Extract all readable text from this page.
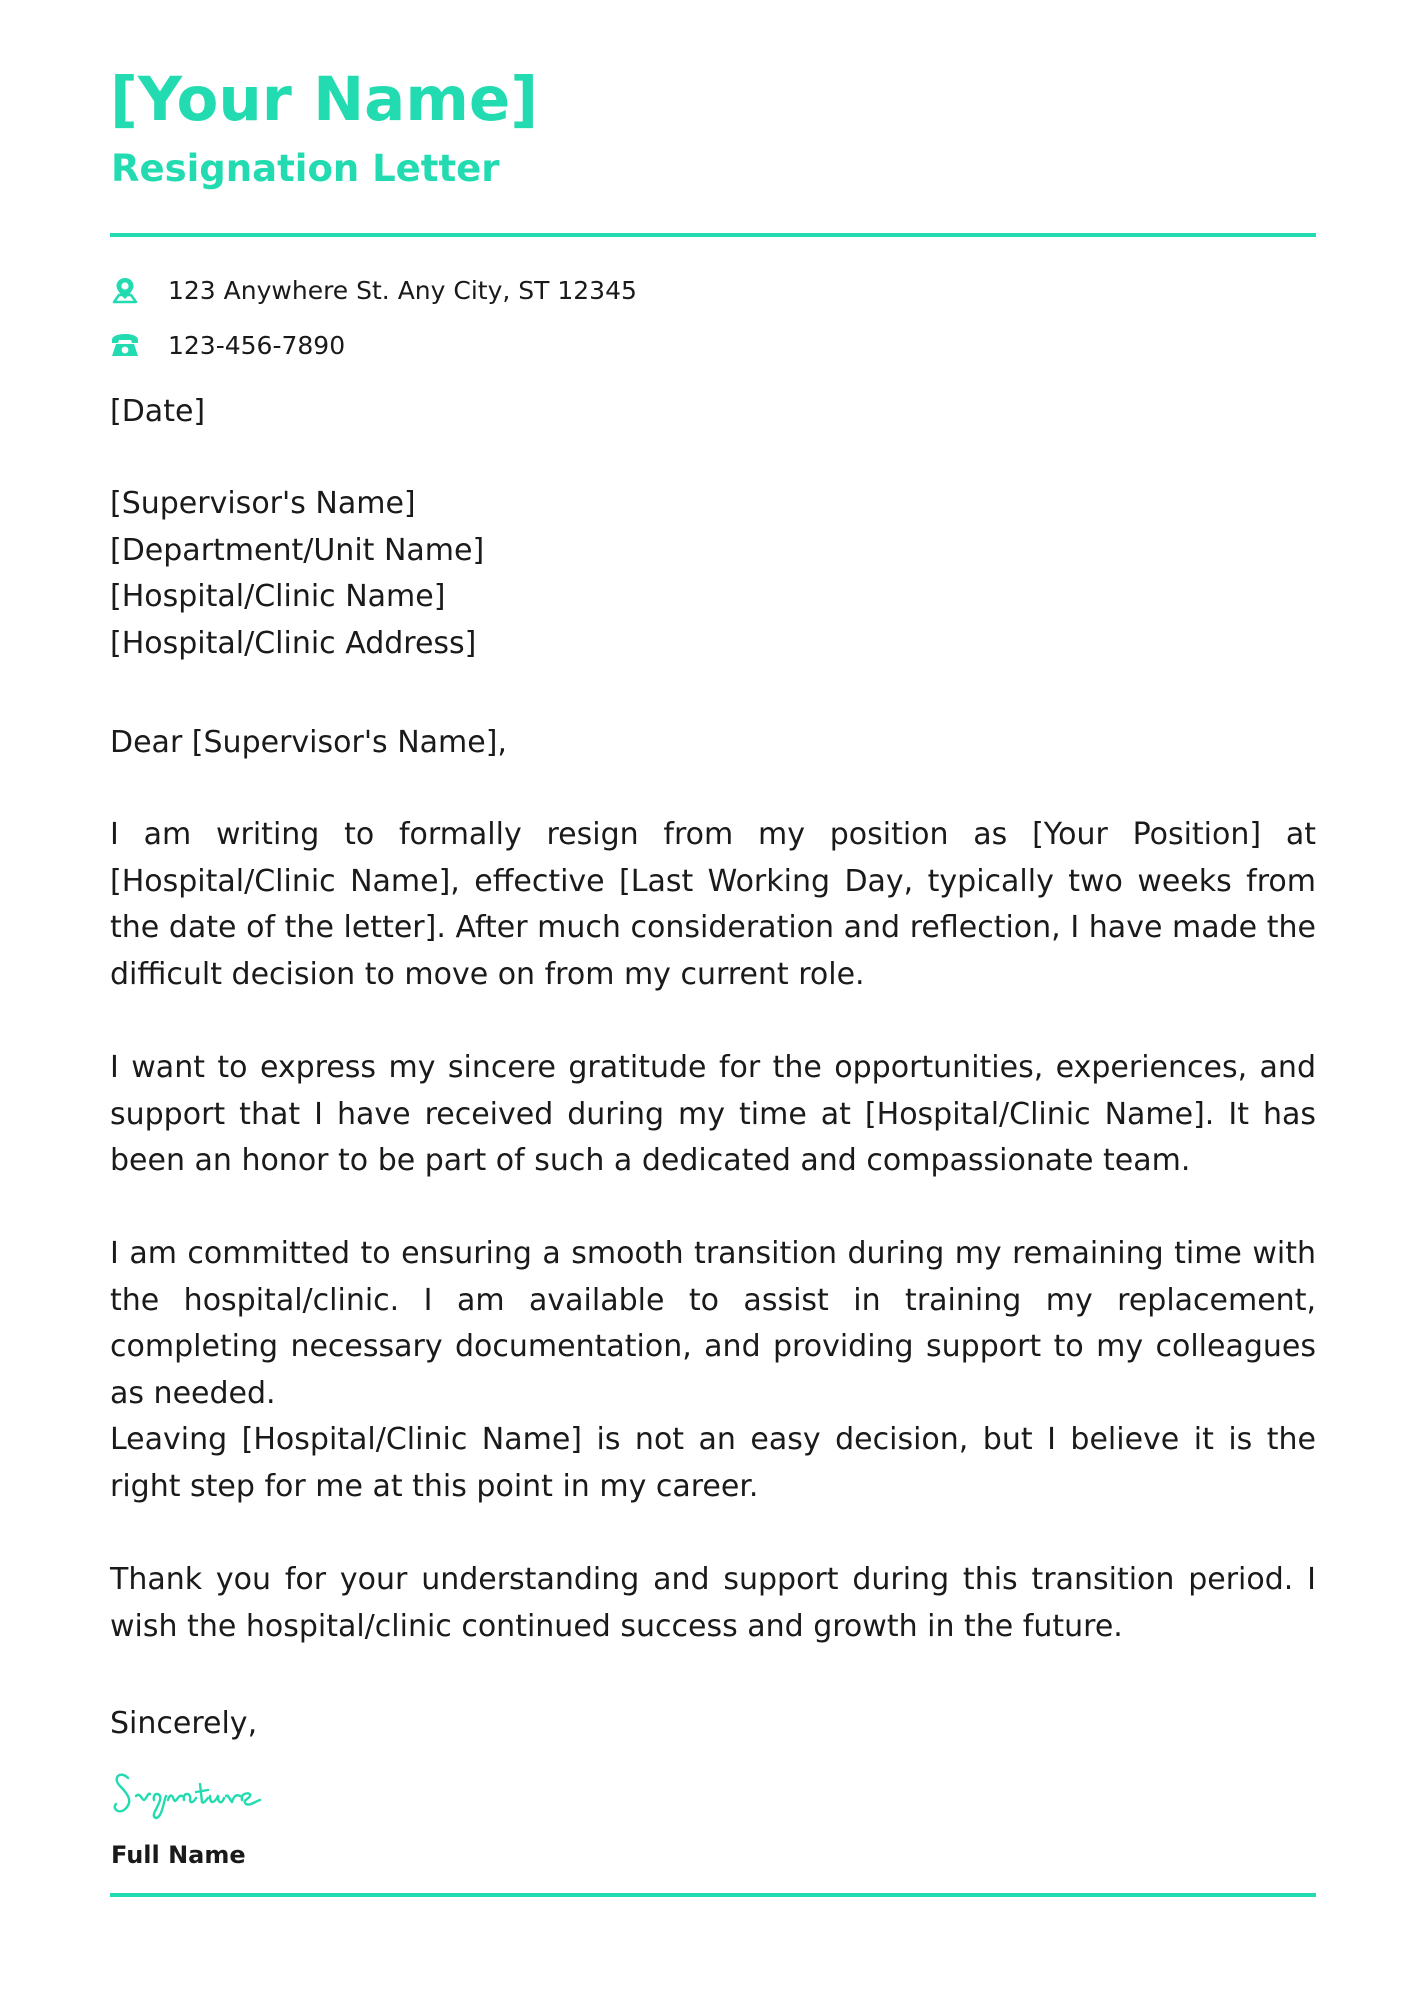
[Your Name]
Resignation Letter
123 Anywhere St. Any City, ST 12345
123-456-7890

[Date]

[Supervisor's Name]
[Department/Unit Name]
[Hospital/Clinic Name]
[Hospital/Clinic Address]

Dear [Supervisor's Name],

I am writing to formally resign from my position as [Your Position] at [Hospital/Clinic Name], effective [Last Working Day, typically two weeks from the date of the letter]. After much consideration and reflection, I have made the difficult decision to move on from my current role.

I want to express my sincere gratitude for the opportunities, experiences, and support that I have received during my time at [Hospital/Clinic Name]. It has been an honor to be part of such a dedicated and compassionate team.

I am committed to ensuring a smooth transition during my remaining time with the hospital/clinic. I am available to assist in training my replacement, completing necessary documentation, and providing support to my colleagues as needed.

Leaving [Hospital/Clinic Name] is not an easy decision, but I believe it is the right step for me at this point in my career.

Thank you for your understanding and support during this transition period. I wish the hospital/clinic continued success and growth in the future.

Sincerely,

Full Name
